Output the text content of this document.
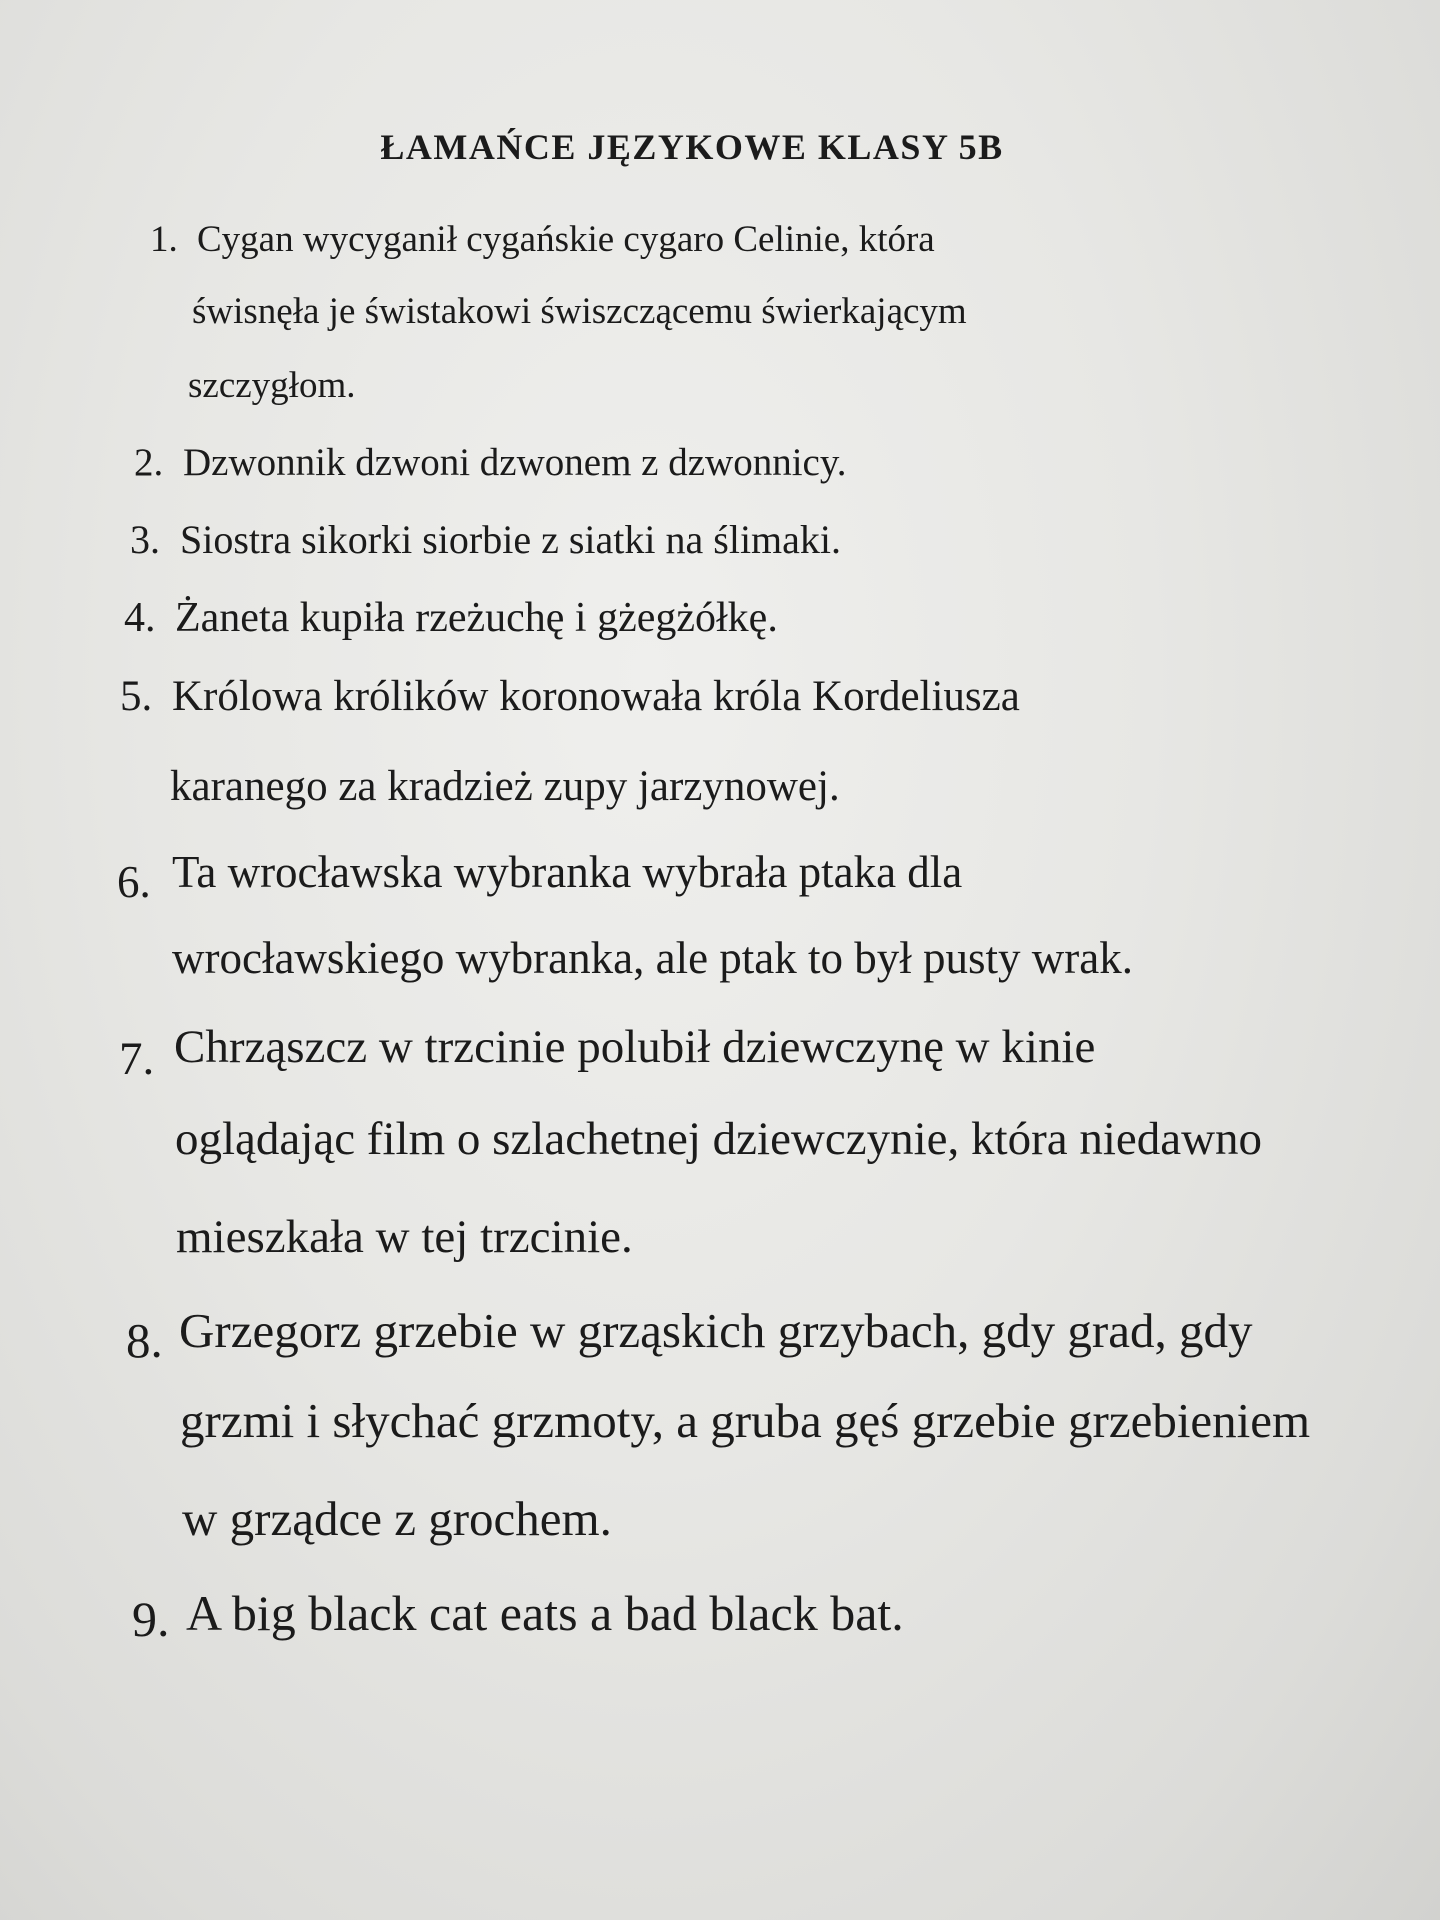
ŁAMAŃCE JĘZYKOWE KLASY 5B
1. Cygan wycyganił cygańskie cygaro Celinie, która
świsnęła je świstakowi świszczącemu świerkającym
szczygłom.
2. Dzwonnik dzwoni dzwonem z dzwonnicy.
3. Siostra sikorki siorbie z siatki na ślimaki.
4. Żaneta kupiła rzeżuchę i gżegżółkę.
5. Królowa królików koronowała króla Kordeliusza
karanego za kradzież zupy jarzynowej.
6. Ta wrocławska wybranka wybrała ptaka dla
wrocławskiego wybranka, ale ptak to był pusty wrak.
7. Chrząszcz w trzcinie polubił dziewczynę w kinie
oglądając film o szlachetnej dziewczynie, która niedawno
mieszkała w tej trzcinie.
8. Grzegorz grzebie w grząskich grzybach, gdy grad, gdy
grzmi i słychać grzmoty, a gruba gęś grzebie grzebieniem
w grządce z grochem.
9. A big black cat eats a bad black bat.
